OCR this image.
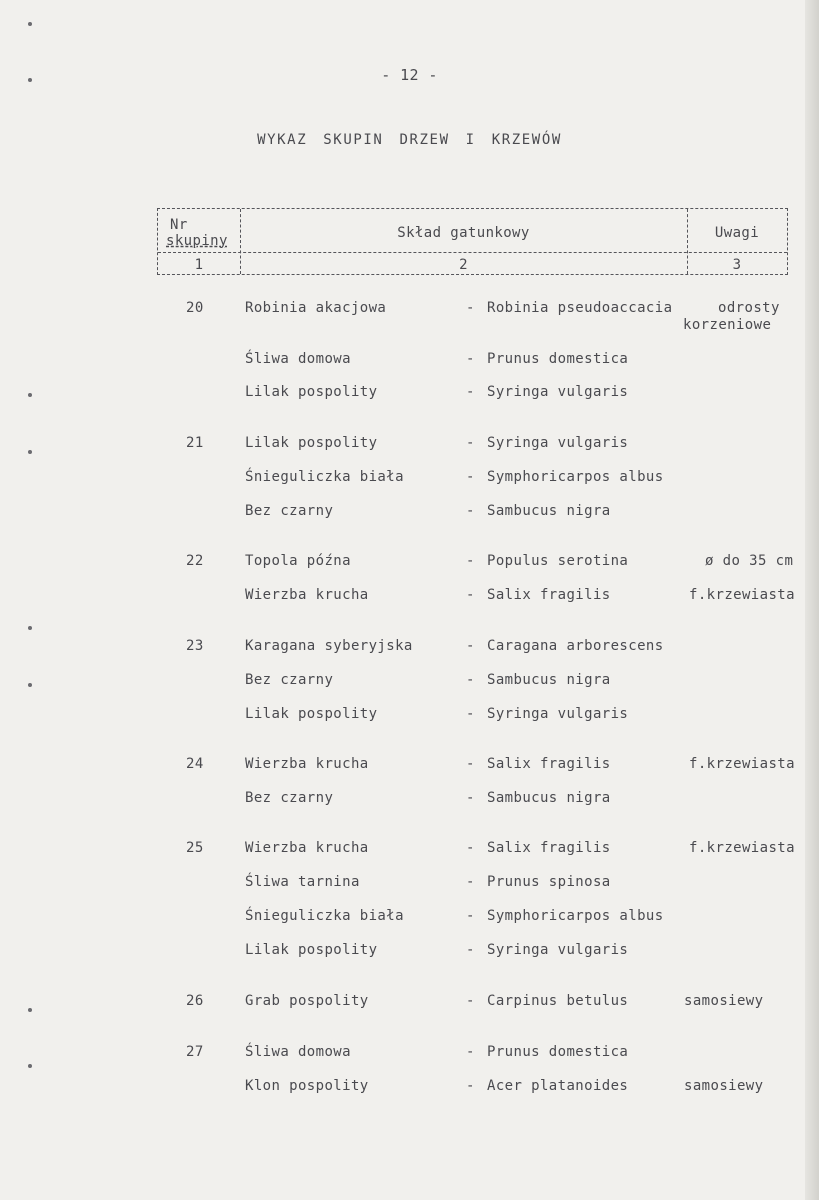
- 12 -
WYKAZ SKUPIN DRZEW I KRZEWÓW
Nr
skupiny	Skład gatunkowy	Uwagi
1	2	3
20	Robinia akacjowa	- Robinia pseudoaccacia	odrosty
korzeniowe
Śliwa domowa	- Prunus domestica
Lilak pospolity	- Syringa vulgaris
21	Lilak pospolity	- Syringa vulgaris
Śnieguliczka biała	- Symphoricarpos albus
Bez czarny	- Sambucus nigra
22	Topola późna	- Populus serotina	ø do 35 cm
Wierzba krucha	- Salix fragilis	f.krzewiasta
23	Karagana syberyjska	- Caragana arborescens
Bez czarny	- Sambucus nigra
Lilak pospolity	- Syringa vulgaris
24	Wierzba krucha	- Salix fragilis	f.krzewiasta
Bez czarny	- Sambucus nigra
25	Wierzba krucha	- Salix fragilis	f.krzewiasta
Śliwa tarnina	- Prunus spinosa
Śnieguliczka biała	- Symphoricarpos albus
Lilak pospolity	- Syringa vulgaris
26	Grab pospolity	- Carpinus betulus	samosiewy
27	Śliwa domowa	- Prunus domestica
Klon pospolity	- Acer platanoides	samosiewy
